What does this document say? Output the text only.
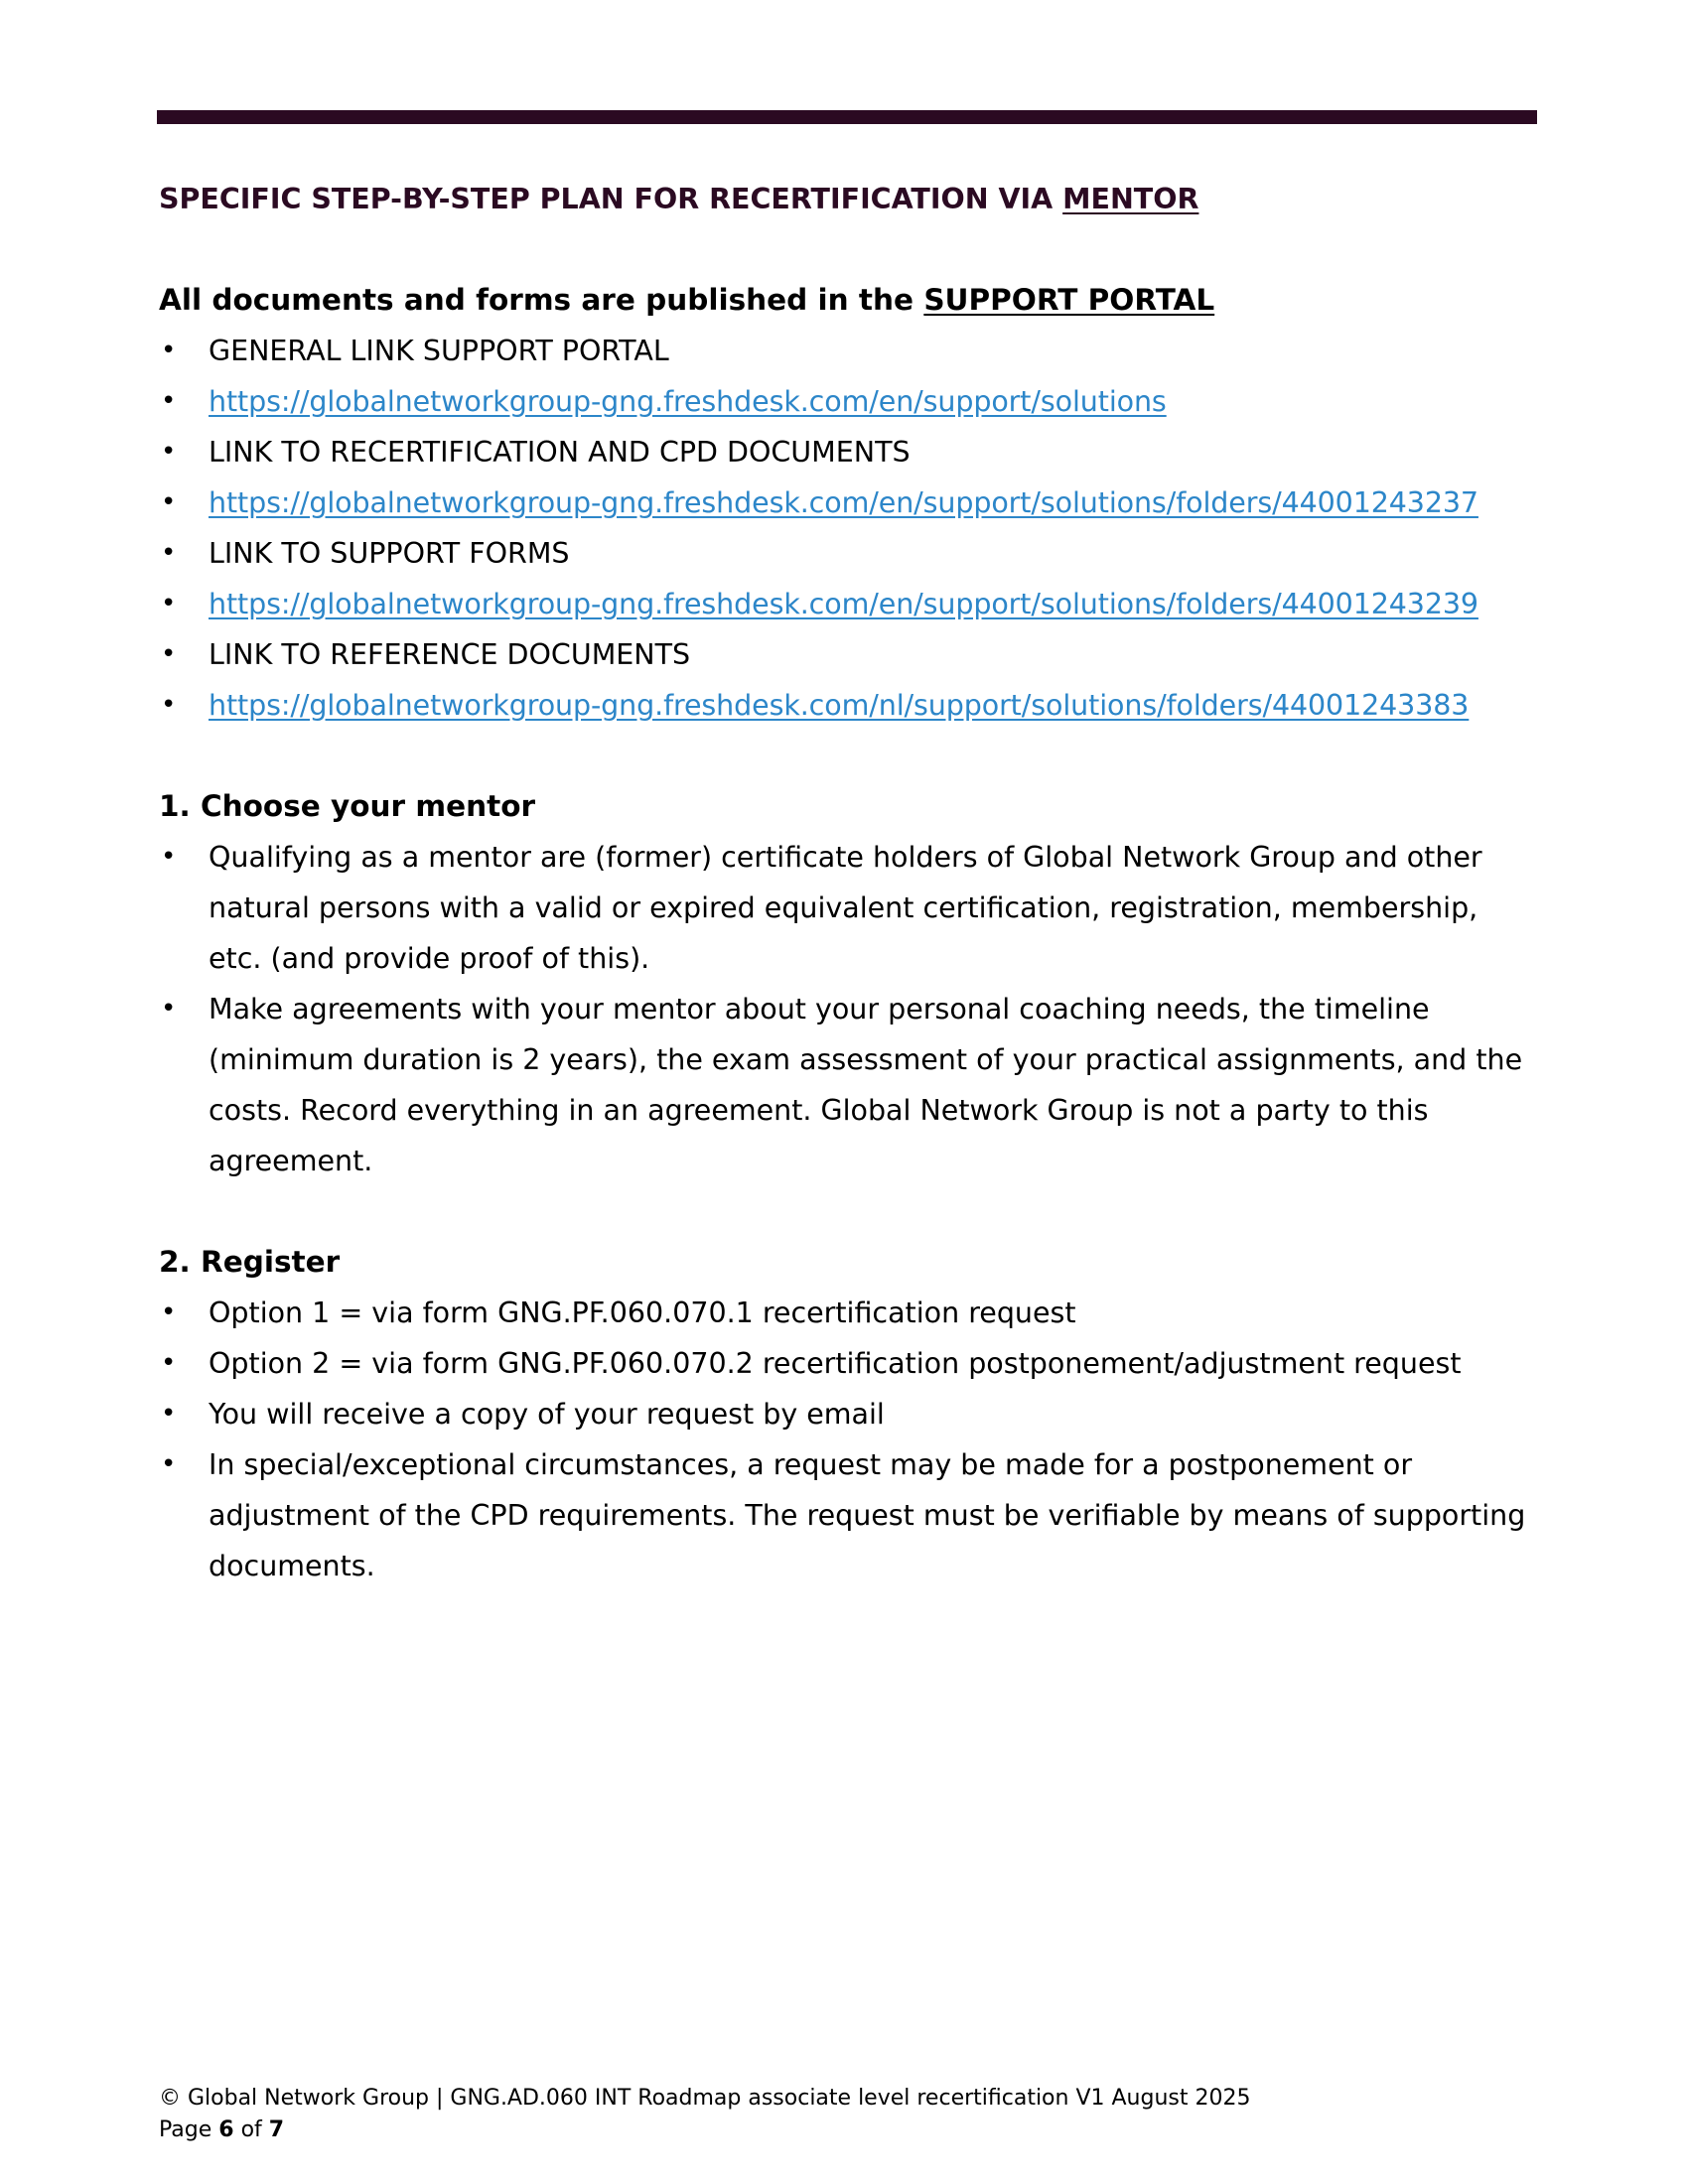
SPECIFIC STEP-BY-STEP PLAN FOR RECERTIFICATION VIA MENTOR

All documents and forms are published in the SUPPORT PORTAL

• GENERAL LINK SUPPORT PORTAL
• https://globalnetworkgroup-gng.freshdesk.com/en/support/solutions
• LINK TO RECERTIFICATION AND CPD DOCUMENTS
• https://globalnetworkgroup-gng.freshdesk.com/en/support/solutions/folders/44001243237
• LINK TO SUPPORT FORMS
• https://globalnetworkgroup-gng.freshdesk.com/en/support/solutions/folders/44001243239
• LINK TO REFERENCE DOCUMENTS
• https://globalnetworkgroup-gng.freshdesk.com/nl/support/solutions/folders/44001243383

1. Choose your mentor

• Qualifying as a mentor are (former) certificate holders of Global Network Group and other natural persons with a valid or expired equivalent certification, registration, membership, etc. (and provide proof of this).
• Make agreements with your mentor about your personal coaching needs, the timeline (minimum duration is 2 years), the exam assessment of your practical assignments, and the costs. Record everything in an agreement. Global Network Group is not a party to this agreement.

2. Register

• Option 1 = via form GNG.PF.060.070.1 recertification request
• Option 2 = via form GNG.PF.060.070.2 recertification postponement/adjustment request
• You will receive a copy of your request by email
• In special/exceptional circumstances, a request may be made for a postponement or adjustment of the CPD requirements. The request must be verifiable by means of supporting documents.
© Global Network Group | GNG.AD.060 INT Roadmap associate level recertification V1 August 2025
Page 6 of 7
